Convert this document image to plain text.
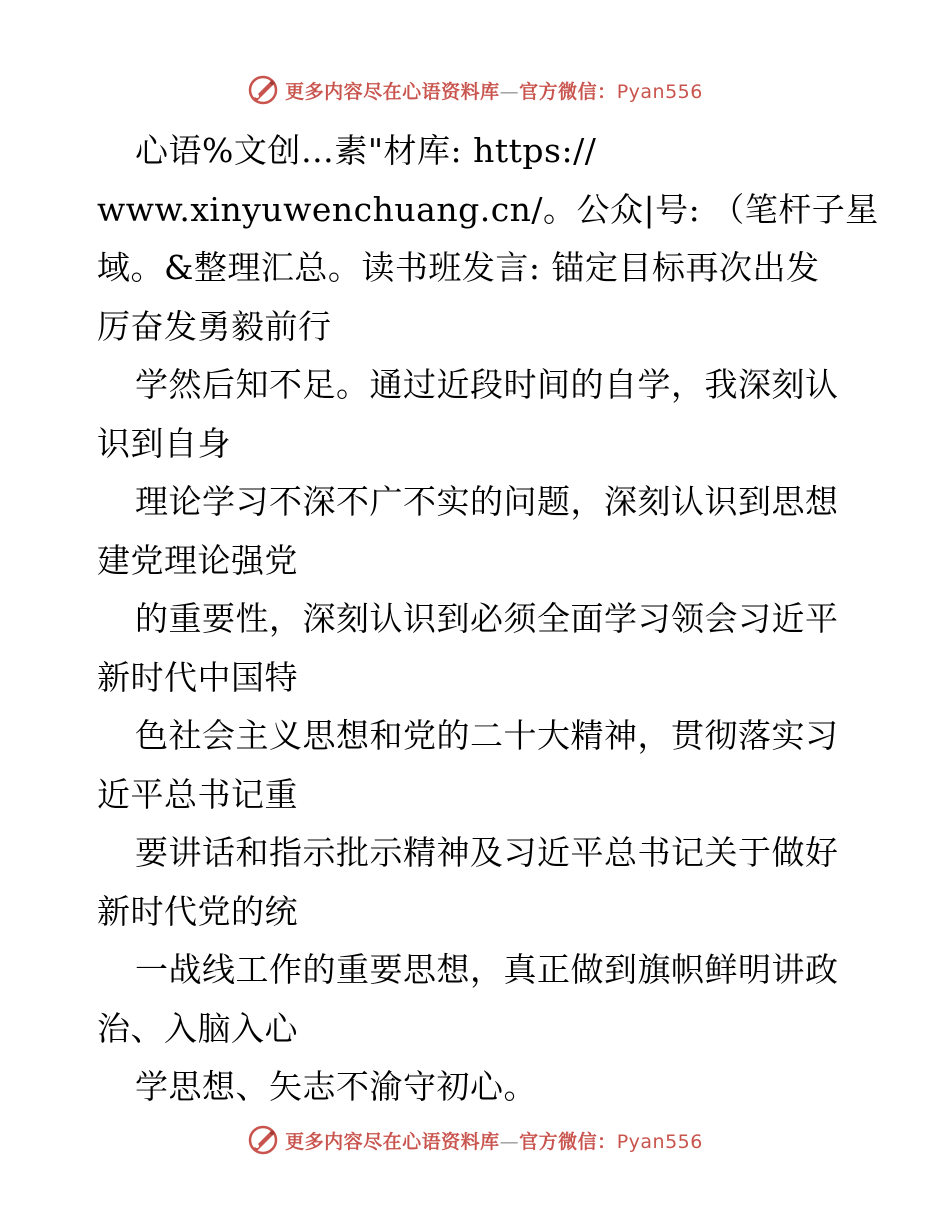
更多内容尽在心语资料库—官方微信：Pyan556
心语%文创…素"材库: https://
www.xinyuwenchuang.cn/。公众|号: （笔杆子星
域。&整理汇总。读书班发言: 锚定目标再次出发
厉奋发勇毅前行
学然后知不足。通过近段时间的自学，我深刻认
识到自身
理论学习不深不广不实的问题，深刻认识到思想
建党理论强党
的重要性，深刻认识到必须全面学习领会习近平
新时代中国特
色社会主义思想和党的二十大精神，贯彻落实习
近平总书记重
要讲话和指示批示精神及习近平总书记关于做好
新时代党的统
一战线工作的重要思想，真正做到旗帜鲜明讲政
治、入脑入心
学思想、矢志不渝守初心。
更多内容尽在心语资料库—官方微信：Pyan556
